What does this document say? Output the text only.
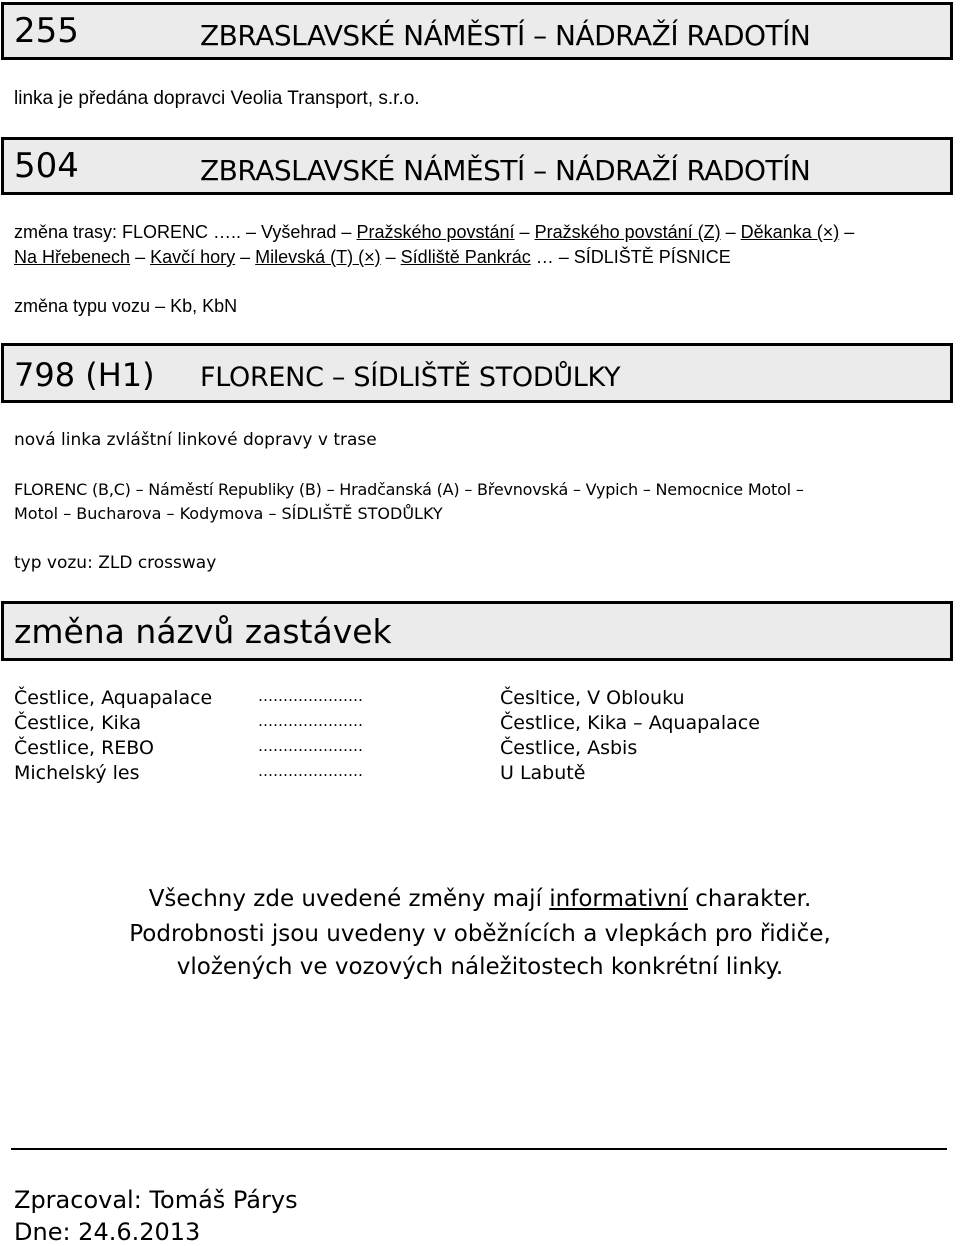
255	ZBRASLAVSKÉ NÁMĚSTÍ – NÁDRAŽÍ RADOTÍN
linka je předána dopravci Veolia Transport, s.r.o.
504	ZBRASLAVSKÉ NÁMĚSTÍ – NÁDRAŽÍ RADOTÍN
změna trasy: FLORENC ….. – Vyšehrad – Pražského povstání – Pražského povstání (Z) – Děkanka (×) –
Na Hřebenech – Kavčí hory – Milevská (T) (×) – Sídliště Pankrác … – SÍDLIŠTĚ PÍSNICE
změna typu vozu – Kb, KbN
798 (H1) FLORENC – SÍDLIŠTĚ STODŮLKY
nová linka zvláštní linkové dopravy v trase
FLORENC (B,C) – Náměstí Republiky (B) – Hradčanská (A) – Břevnovská – Vypich – Nemocnice Motol –
Motol – Bucharova – Kodymova – SÍDLIŠTĚ STODŮLKY
typ vozu: ZLD crossway
změna názvů zastávek
Čestlice, Aquapalace	…………………	Česltice, V Oblouku
Čestlice, Kika	…………………	Čestlice, Kika – Aquapalace
Čestlice, REBO	…………………	Čestlice, Asbis
Michelský les	…………………	U Labutě
Všechny zde uvedené změny mají informativní charakter.
Podrobnosti jsou uvedeny v oběžnících a vlepkách pro řidiče,
vložených ve vozových náležitostech konkrétní linky.
Zpracoval: Tomáš Párys
Dne: 24.6.2013
